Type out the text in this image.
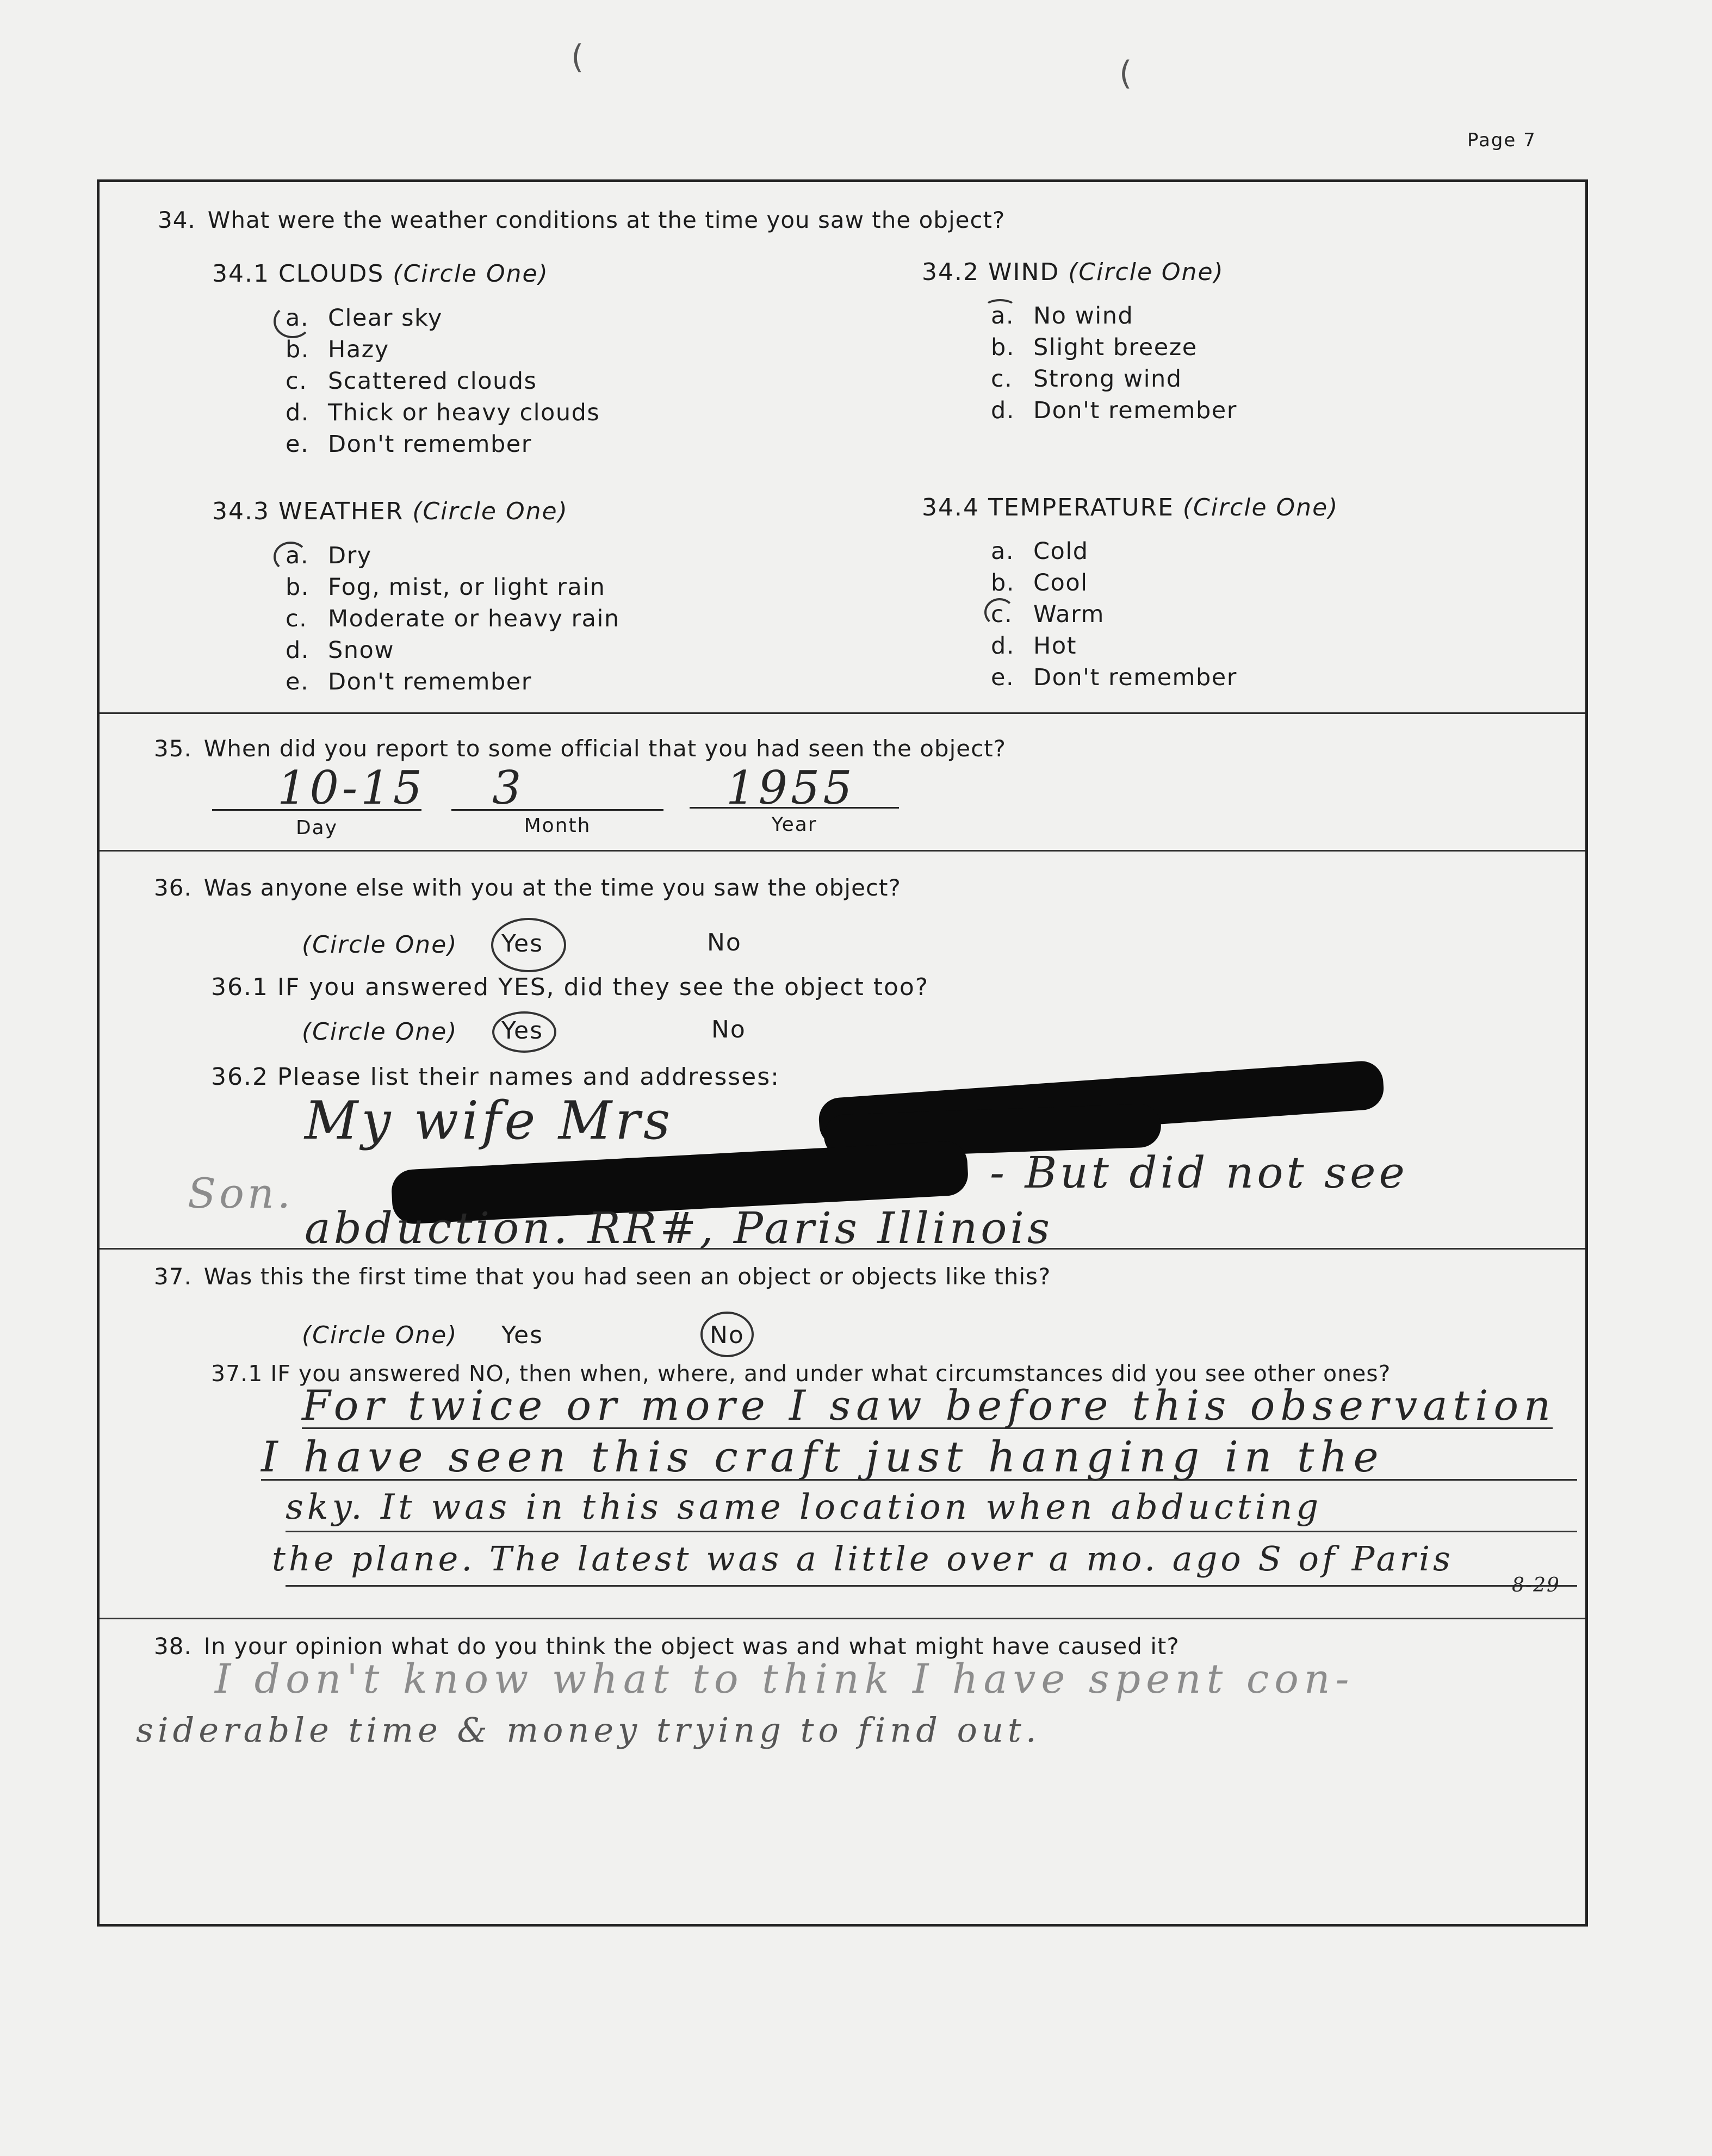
(	(
Page 7
34. What were the weather conditions at the time you saw the object?
34.1 CLOUDS (Circle One)
a. Clear sky
b. Hazy
c. Scattered clouds
d. Thick or heavy clouds
e. Don't remember
34.2 WIND (Circle One)
a. No wind
b. Slight breeze
c. Strong wind
d. Don't remember
34.3 WEATHER (Circle One)
a. Dry
b. Fog, mist, or light rain
c. Moderate or heavy rain
d. Snow
e. Don't remember
34.4 TEMPERATURE (Circle One)
a. Cold
b. Cool
c. Warm
d. Hot
e. Don't remember
35. When did you report to some official that you had seen the object?
10-15 3	1955
Day	Month	Year
36. Was anyone else with you at the time you saw the object?
(Circle One) Yes	No
36.1 IF you answered YES, did they see the object too?
(Circle One) Yes	No
36.2 Please list their names and addresses:
My wife Mrs
Son.	- But did not see
abduction. RR#, Paris Illinois
37. Was this the first time that you had seen an object or objects like this?
(Circle One) Yes	No
37.1 IF you answered NO, then when, where, and under what circumstances did you see other ones?
For twice or more I saw before this observation
I have seen this craft just hanging in the
sky. It was in this same location when abducting
the plane. The latest was a little over a mo. ago S of Paris
8-29
38. In your opinion what do you think the object was and what might have caused it?
I don't know what to think I have spent con-
siderable time & money trying to find out.
